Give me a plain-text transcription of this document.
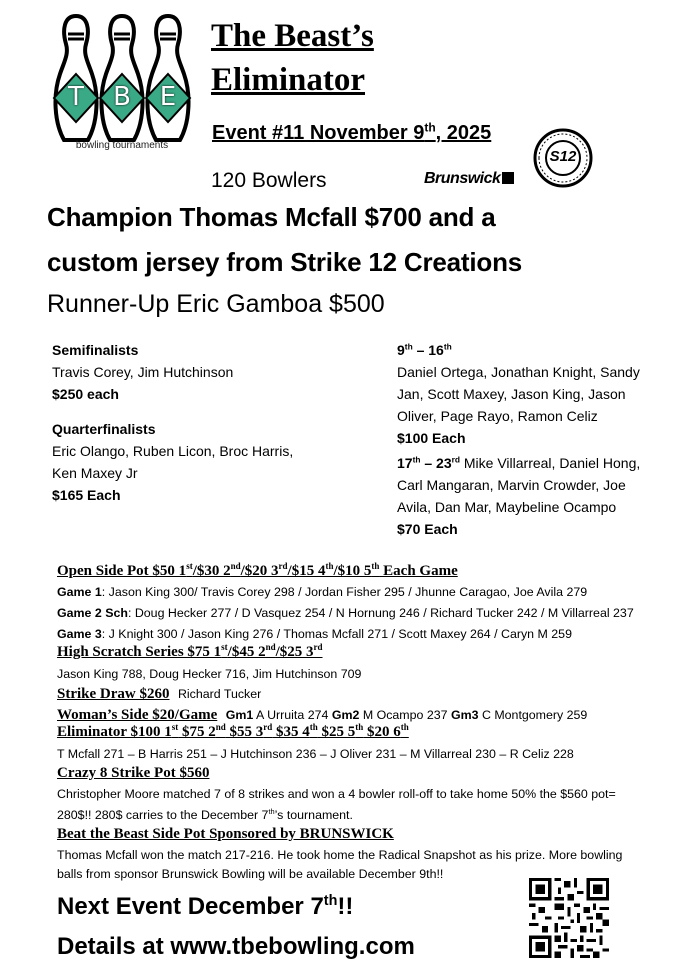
T B E
bowling tournaments
The Beast’s
Eliminator
Event #11 November 9th, 2025
120 Bowlers	Brunswick
S12
Champion Thomas Mcfall $700 and a
custom jersey from Strike 12 Creations
Runner-Up Eric Gamboa $500

Semifinalists

Travis Corey, Jim Hutchinson

$250 each

Quarterfinalists

Eric Olango, Ruben Licon, Broc Harris,

Ken Maxey Jr

$165 Each

9th – 16th

Daniel Ortega, Jonathan Knight, Sandy

Jan, Scott Maxey, Jason King, Jason

Oliver, Page Rayo, Ramon Celiz

$100 Each

17th – 23rd Mike Villarreal, Daniel Hong,

Carl Mangaran, Marvin Crowder, Joe

Avila, Dan Mar, Maybeline Ocampo

$70 Each

Open Side Pot $50 1st/$30 2nd/$20 3rd/$15 4th/$10 5th Each Game
Game 1: Jason King 300/ Travis Corey 298 / Jordan Fisher 295 / Jhunne Caragao, Joe Avila 279
Game 2 Sch: Doug Hecker 277 / D Vasquez 254 / N Hornung 246 / Richard Tucker 242 / M Villarreal 237
Game 3: J Knight 300 / Jason King 276 / Thomas Mcfall 271 / Scott Maxey 264 / Caryn M 259
High Scratch Series $75 1st/$45 2nd/$25 3rd
Jason King 788, Doug Hecker 716, Jim Hutchinson 709
Strike Draw $260 Richard Tucker
Woman’s Side $20/Game Gm1 A Urruita 274 Gm2 M Ocampo 237 Gm3 C Montgomery 259
Eliminator $100 1st $75 2nd $55 3rd $35 4th $25 5th $20 6th
T Mcfall 271 – B Harris 251 – J Hutchinson 236 – J Oliver 231 – M Villarreal 230 – R Celiz 228
Crazy 8 Strike Pot $560
Christopher Moore matched 7 of 8 strikes and won a 4 bowler roll-off to take home 50% the $560 pot=
280$!! 280$ carries to the December 7th’s tournament.
Beat the Beast Side Pot Sponsored by BRUNSWICK
Thomas Mcfall won the match 217-216. He took home the Radical Snapshot as his prize. More bowling
balls from sponsor Brunswick Bowling will be available December 9th!!
Next Event December 7th!!
Details at www.tbebowling.com
